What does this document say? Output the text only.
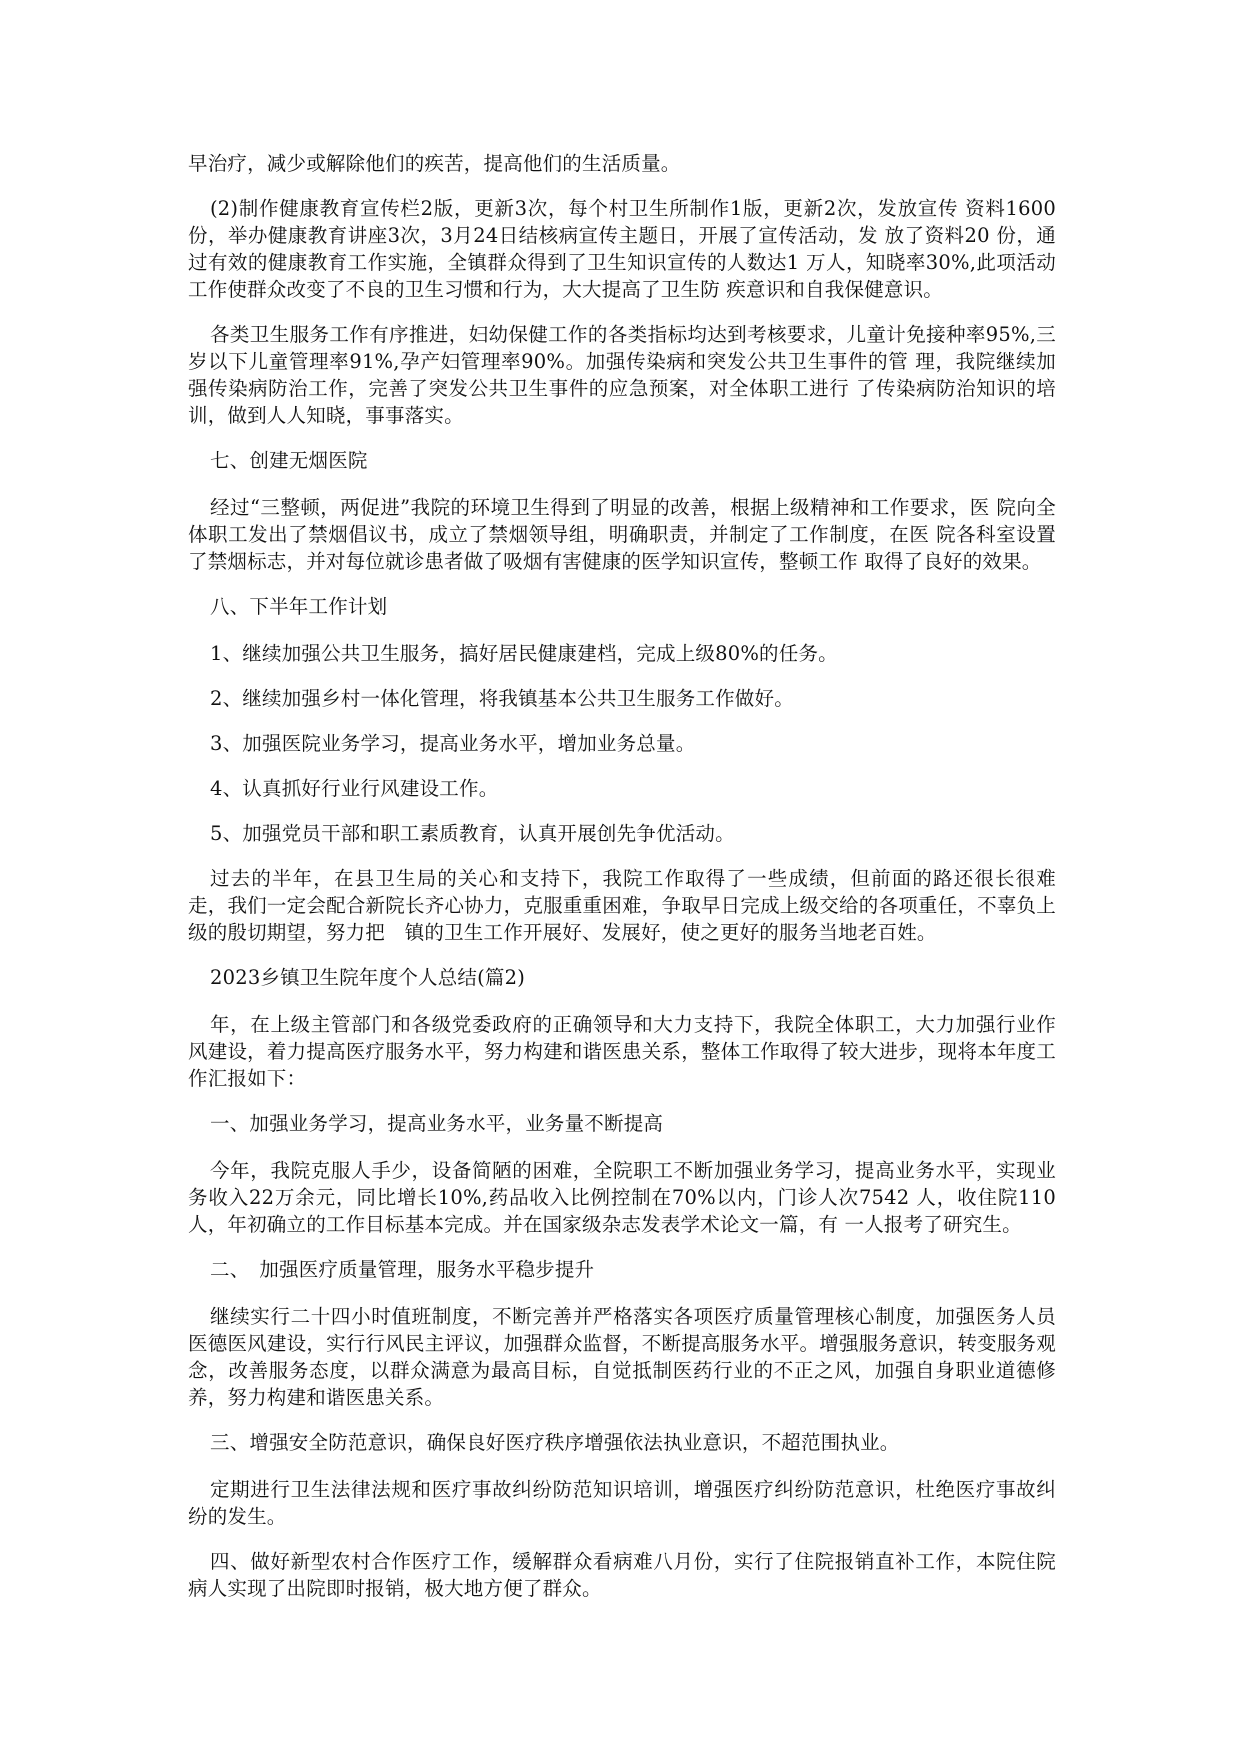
早治疗，减少或解除他们的疾苦，提高他们的生活质量。

(2)制作健康教育宣传栏2版，更新3次，每个村卫生所制作1版，更新2次，发放宣传 资料1600份，举办健康教育讲座3次，3月24日结核病宣传主题日，开展了宣传活动，发 放了资料20 份，通过有效的健康教育工作实施，全镇群众得到了卫生知识宣传的人数达1 万人，知晓率30%,此项活动工作使群众改变了不良的卫生习惯和行为，大大提高了卫生防 疾意识和自我保健意识。

各类卫生服务工作有序推进，妇幼保健工作的各类指标均达到考核要求，儿童计免接种率95%,三岁以下儿童管理率91%,孕产妇管理率90%。加强传染病和突发公共卫生事件的管 理，我院继续加强传染病防治工作，完善了突发公共卫生事件的应急预案，对全体职工进行 了传染病防治知识的培训，做到人人知晓，事事落实。

七、创建无烟医院

经过“三整顿，两促进”我院的环境卫生得到了明显的改善，根据上级精神和工作要求，医 院向全体职工发出了禁烟倡议书，成立了禁烟领导组，明确职责，并制定了工作制度，在医 院各科室设置了禁烟标志，并对每位就诊患者做了吸烟有害健康的医学知识宣传，整顿工作 取得了良好的效果。

八、下半年工作计划

1、继续加强公共卫生服务，搞好居民健康建档，完成上级80%的任务。

2、继续加强乡村一体化管理，将我镇基本公共卫生服务工作做好。

3、加强医院业务学习，提高业务水平，增加业务总量。

4、认真抓好行业行风建设工作。

5、加强党员干部和职工素质教育，认真开展创先争优活动。

过去的半年，在县卫生局的关心和支持下，我院工作取得了一些成绩，但前面的路还很长很难走，我们一定会配合新院长齐心协力，克服重重困难，争取早日完成上级交给的各项重任，不辜负上级的殷切期望，努力把　镇的卫生工作开展好、发展好，使之更好的服务当地老百姓。

2023乡镇卫生院年度个人总结(篇2)

年，在上级主管部门和各级党委政府的正确领导和大力支持下，我院全体职工，大力加强行业作风建设，着力提高医疗服务水平，努力构建和谐医患关系，整体工作取得了较大进步，现将本年度工作汇报如下：

一、加强业务学习，提高业务水平，业务量不断提高

今年，我院克服人手少，设备简陋的困难，全院职工不断加强业务学习，提高业务水平，实现业务收入22万余元，同比增长10%,药品收入比例控制在70%以内，门诊人次7542 人，收住院110人，年初确立的工作目标基本完成。并在国家级杂志发表学术论文一篇，有 一人报考了研究生。

二、　加强医疗质量管理，服务水平稳步提升

继续实行二十四小时值班制度，不断完善并严格落实各项医疗质量管理核心制度，加强医务人员医德医风建设，实行行风民主评议，加强群众监督，不断提高服务水平。增强服务意识，转变服务观念，改善服务态度，以群众满意为最高目标，自觉抵制医药行业的不正之风，加强自身职业道德修养，努力构建和谐医患关系。

三、增强安全防范意识，确保良好医疗秩序增强依法执业意识，不超范围执业。

定期进行卫生法律法规和医疗事故纠纷防范知识培训，增强医疗纠纷防范意识，杜绝医疗事故纠纷的发生。

四、做好新型农村合作医疗工作，缓解群众看病难八月份，实行了住院报销直补工作，本院住院病人实现了出院即时报销，极大地方便了群众。
